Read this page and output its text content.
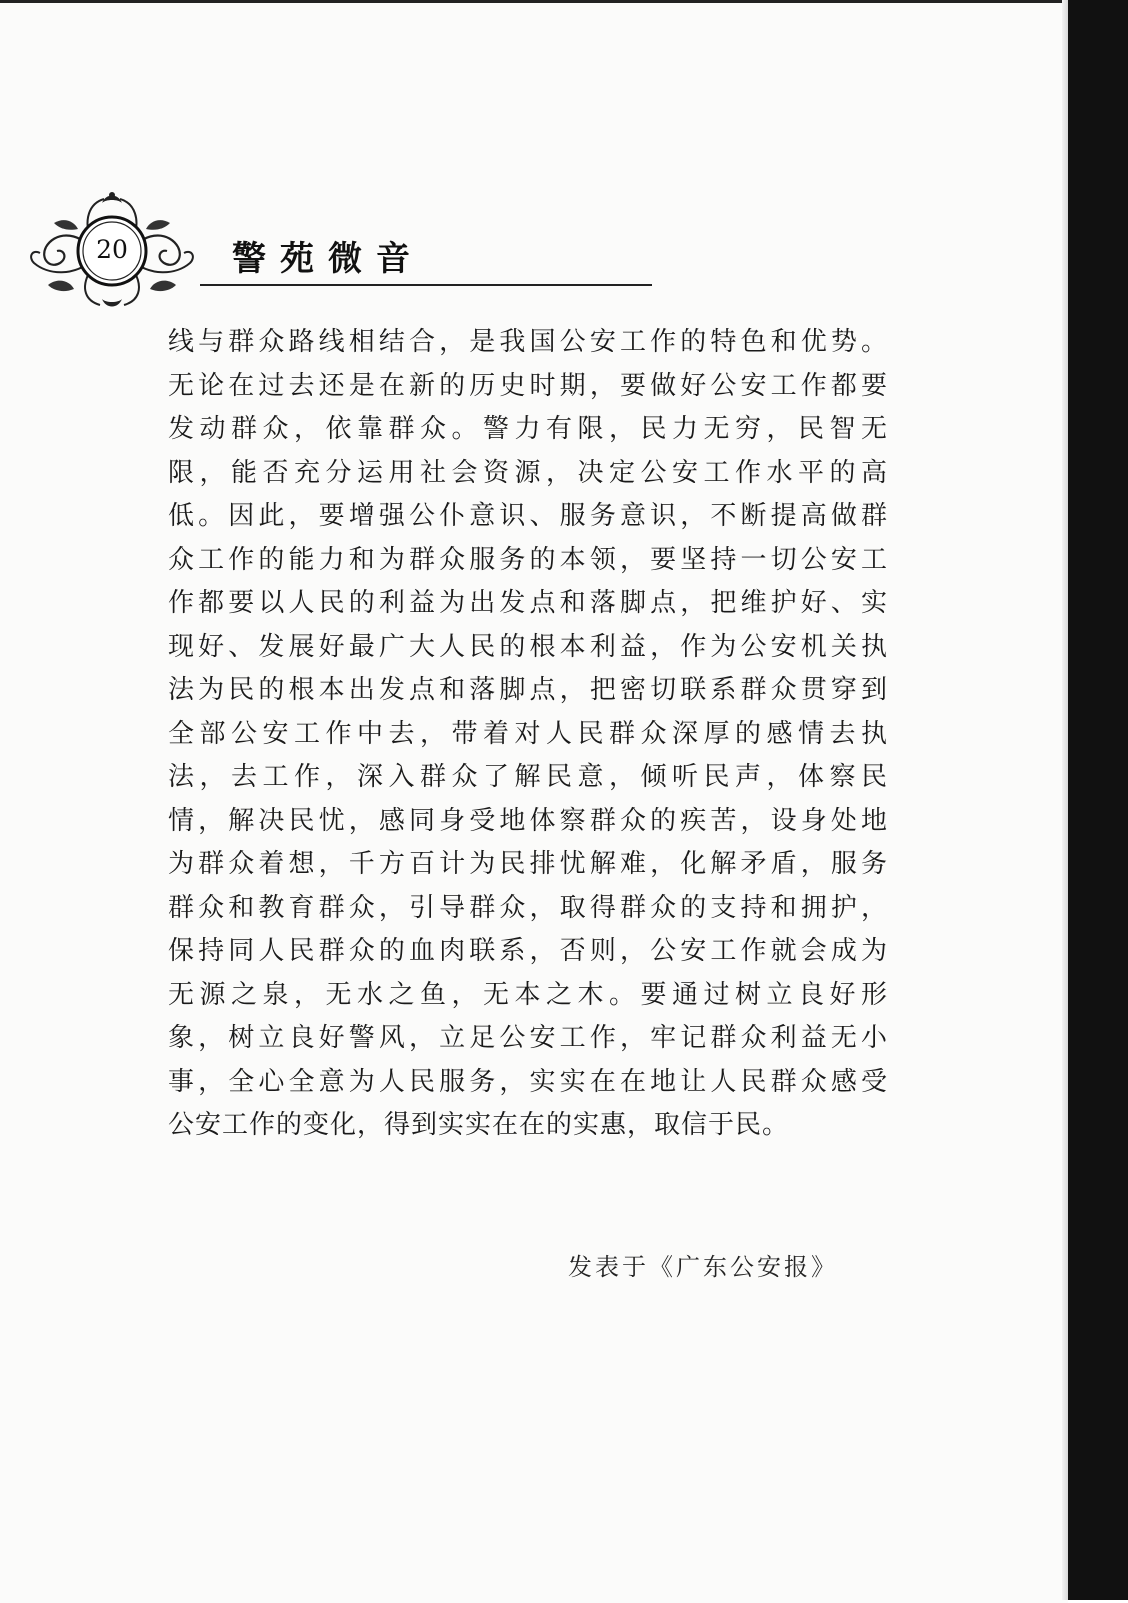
20	警苑微音
线与群众路线相结合，是我国公安工作的特色和优势。
无论在过去还是在新的历史时期，要做好公安工作都要
发动群众，依靠群众。警力有限，民力无穷，民智无
限，能否充分运用社会资源，决定公安工作水平的高
低。因此，要增强公仆意识、服务意识，不断提高做群
众工作的能力和为群众服务的本领，要坚持一切公安工
作都要以人民的利益为出发点和落脚点，把维护好、实
现好、发展好最广大人民的根本利益，作为公安机关执
法为民的根本出发点和落脚点，把密切联系群众贯穿到
全部公安工作中去，带着对人民群众深厚的感情去执
法，去工作，深入群众了解民意，倾听民声，体察民
情，解决民忧，感同身受地体察群众的疾苦，设身处地
为群众着想，千方百计为民排忧解难，化解矛盾，服务
群众和教育群众，引导群众，取得群众的支持和拥护，
保持同人民群众的血肉联系，否则，公安工作就会成为
无源之泉，无水之鱼，无本之木。要通过树立良好形
象，树立良好警风，立足公安工作，牢记群众利益无小
事，全心全意为人民服务，实实在在地让人民群众感受
公安工作的变化，得到实实在在的实惠，取信于民。
发表于《广东公安报》
